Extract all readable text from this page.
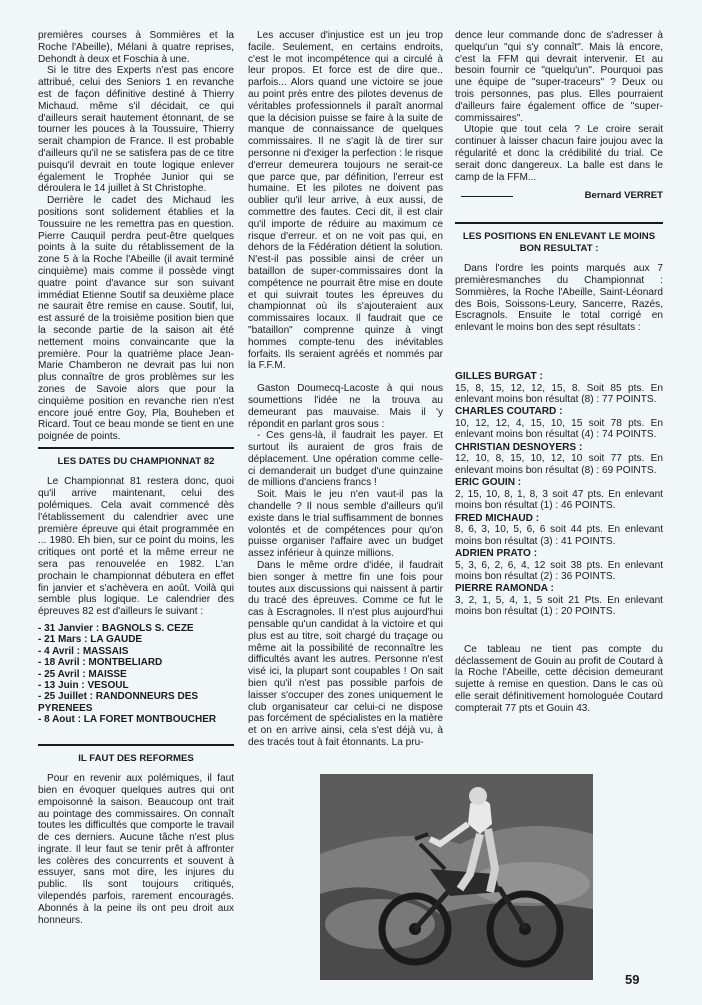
premières courses à Sommières et la Roche l'Abeille), Mélani à quatre reprises, Dehondt à deux et Foschia à une.

Si le titre des Experts n'est pas encore attribué, celui des Seniors 1 en revanche est de façon définitive destiné à Thierry Michaud. même s'il décidait, ce qui d'ailleurs serait hautement étonnant, de se tourner les pouces à la Toussuire, Thierry serait champion de France. Il est probable d'ailleurs qu'il ne se satisfera pas de ce titre puisqu'il devrait en toute logique enlever également le Trophée Junior qui se déroulera le 14 juillet à St Christophe.

Derrière le cadet des Michaud les positions sont solidement établies et la Toussuire ne les remettra pas en question. Pierre Cauquil perdra peut-être quelques points à la suite du rétablissement de la zone 5 à la Roche l'Abeille (il avait terminé cinquième) mais comme il possède vingt quatre point d'avance sur son suivant immédiat Etienne Soutif sa deuxième place ne saurait être remise en cause. Soutif, lui, est assuré de la troisième position bien que la seconde partie de la saison ait été nettement moins convaincante que la première. Pour la quatrième place Jean-Marie Chamberon ne devrait pas lui non plus connaître de gros problèmes sur les zones de Savoie alors que pour la cinquième position en revanche rien n'est encore joué entre Goy, Pla, Bouheben et Ricard. Tout ce beau monde se tient en une poignée de points.

LES DATES DU CHAMPIONNAT 82

Le Championnat 81 restera donc, quoi qu'il arrive maintenant, celui des polémiques. Cela avait commencé dès l'établissement du calendrier avec une première épreuve qui était programmée en ... 1980. Eh bien, sur ce point du moins, les critiques ont porté et la même erreur ne sera pas renouvelée en 1982. L'an prochain le championnat débutera en effet fin janvier et s'achèvera en août. Voilà qui semble plus logique. Le calendrier des épreuves 82 est d'ailleurs le suivant :

- 31 Janvier : BAGNOLS S. CEZE
- 21 Mars : LA GAUDE
- 4 Avril : MASSAIS
- 18 Avril : MONTBELIARD
- 25 Avril : MAISSE
- 13 Juin : VESOUL
- 25 Juillet : RANDONNEURS DES PYRENEES
- 8 Aout : LA FORET MONTBOUCHER
IL FAUT DES REFORMES

Pour en revenir aux polémiques, il faut bien en évoquer quelques autres qui ont empoisonné la saison. Beaucoup ont trait au pointage des commissaires. On connaît toutes les difficultés que comporte le travail de ces derniers. Aucune tâche n'est plus ingrate. Il leur faut se tenir prêt à affronter les colères des concurrents et souvent à essuyer, sans mot dire, les injures du public. Ils sont toujours critiqués, vilependés parfois, rarement encouragés. Abonnés à la peine ils ont peu droit aux honneurs.

Les accuser d'injustice est un jeu trop facile. Seulement, en certains endroits, c'est le mot incompétence qui a circulé à leur propos. Et force est de dire que.. parfois... Alors quand une victoire se joue au point près entre des pilotes devenus de véritables professionnels il paraît anormal que la décision puisse se faire à la suite de manque de connaissance de quelques commissaires. Il ne s'agit là de tirer sur personne ni d'exiger la perfection : le risque d'erreur demeurera toujours ne serait-ce que parce que, par définition, l'erreur est humaine. Et les pilotes ne doivent pas oublier qu'il leur arrive, à eux aussi, de commettre des fautes. Ceci dit, il est clair qu'il importe de réduire au maximum ce risque d'erreur. et on ne voit pas qui, en dehors de la Fédération détient la solution. N'est-il pas possible ainsi de créer un bataillon de super-commissaires dont la compétence ne pourrait être mise en doute et qui suivrait toutes les épreuves du championnat où ils s'ajouteraient aux commissaires locaux. Il faudrait que ce "bataillon" comprenne quinze à vingt hommes compte-tenu des inévitables forfaits. Ils seraient agréés et nommés par la F.F.M.

Gaston Doumecq-Lacoste à qui nous soumettions l'idée ne la trouva au demeurant pas mauvaise. Mais il 'y répondit en parlant gros sous :

- Ces gens-là, il faudrait les payer. Et surtout ils auraient de gros frais de déplacement. Une opération comme celle-ci demanderait un budget d'une quinzaine de millions d'anciens francs !

Soit. Mais le jeu n'en vaut-il pas la chandelle ? Il nous semble d'ailleurs qu'il existe dans le trial suffisamment de bonnes volontés et de compétences pour qu'on puisse organiser l'affaire avec un budget assez inférieur à quinze millions.

Dans le même ordre d'idée, il faudrait bien songer à mettre fin une fois pour toutes aux discussions qui naissent à partir du tracé des épreuves. Comme ce fut le cas à Escragnoles. Il n'est plus aujourd'hui pensable qu'un candidat à la victoire et qui plus est au titre, soit chargé du traçage ou même ait la possibilité de reconnaître les difficultés avant les autres. Personne n'est visé ici, la plupart sont coupables ! On sait bien qu'il n'est pas possible parfois de laisser s'occuper des zones uniquement le club organisateur car celui-ci ne dispose pas forcément de spécialistes en la matière et on en arrive ainsi, cela s'est déjà vu, à des tracés tout à fait étonnants. La pru-

dence leur commande donc de s'adresser à quelqu'un "qui s'y connaît". Mais là encore, c'est la FFM qui devrait intervenir. Et au besoin fournir ce "quelqu'un". Pourquoi pas une équipe de "super-traceurs" ? Deux ou trois personnes, pas plus. Elles pourraient d'ailleurs faire également office de "super-commissaires".

Utopie que tout cela ? Le croire serait continuer à laisser chacun faire joujou avec la régularité et donc la crédibilité du trial. Ce serait donc dangereux. La balle est dans le camp de la FFM...

Bernard VERRET
LES POSITIONS EN ENLEVANT LE MOINS BON RESULTAT :

Dans l'ordre les points marqués aux 7 premièresmanches du Championnat : Sommières, la Roche l'Abeille, Saint-Léonard des Bois, Soissons-Leury, Sancerre, Razés, Escragnols. Ensuite le total corrigé en enlevant le moins bon des sept résultats :

GILLES BURGAT :
15, 8, 15, 12, 12, 15, 8. Soit 85 pts. En enlevant moins bon résultat (8) : 77 POINTS.
CHARLES COUTARD :
10, 12, 12, 4, 15, 10, 15 soit 78 pts. En enlevant moins bon résultat (4) : 74 POINTS.
CHRISTIAN DESNOYERS :
12, 10, 8, 15, 10, 12, 10 soit 77 pts. En enlevant moins bon résultat (8) : 69 POINTS.
ERIC GOUIN :
2, 15, 10, 8, 1, 8, 3 soit 47 pts. En enlevant moins bon résultat (1) : 46 POINTS.
FRED MICHAUD :
8, 6, 3, 10, 5, 6, 6 soit 44 pts. En enlevant moins bon résultat (3) : 41 POINTS.
ADRIEN PRATO :
5, 3, 6, 2, 6, 4, 12 soit 38 pts. En enlevant moins bon résultat (2) : 36 POINTS.
PIERRE RAMONDA :
3, 2, 1, 5, 4, 1, 5 soit 21 Pts. En enlevant moins bon résultat (1) : 20 POINTS.

Ce tableau ne tient pas compte du déclassement de Gouin au profit de Coutard à la Roche l'Abeille, cette décision demeurant sujette à remise en question. Dans le cas où elle serait définitivement homologuée Coutard compterait 77 pts et Gouin 43.

59
